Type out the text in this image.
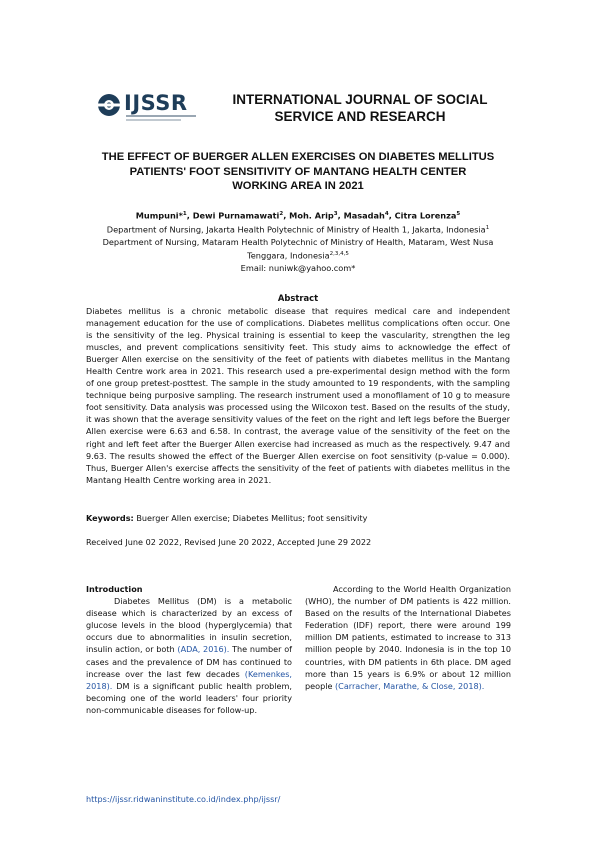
IJSSR	INTERNATIONAL JOURNAL OF SOCIAL
SERVICE AND RESEARCH
THE EFFECT OF BUERGER ALLEN EXERCISES ON DIABETES MELLITUS
PATIENTS' FOOT SENSITIVITY OF MANTANG HEALTH CENTER
WORKING AREA IN 2021
Mumpuni*$^1$, Dewi Purnamawati$^2$, Moh. Arip$^3$, Masadah$^4$, Citra Lorenza$^5$
Department of Nursing, Jakarta Health Polytechnic of Ministry of Health 1, Jakarta, Indonesia$^1$
Department of Nursing, Mataram Health Polytechnic of Ministry of Health, Mataram, West Nusa
Tenggara, Indonesia$^{2,3,4,5}$
Email: nuniwk@yahoo.com*
Abstract
Diabetes mellitus is a chronic metabolic disease that requires medical care and independent management education for the use of complications. Diabetes mellitus complications often occur. One is the sensitivity of the leg. Physical training is essential to keep the vascularity, strengthen the leg muscles, and prevent complications sensitivity feet. This study aims to acknowledge the effect of Buerger Allen exercise on the sensitivity of the feet of patients with diabetes mellitus in the Mantang Health Centre work area in 2021. This research used a pre-experimental design method with the form of one group pretest-posttest. The sample in the study amounted to 19 respondents, with the sampling technique being purposive sampling. The research instrument used a monofilament of 10 g to measure foot sensitivity. Data analysis was processed using the Wilcoxon test. Based on the results of the study, it was shown that the average sensitivity values of the feet on the right and left legs before the Buerger Allen exercise were 6.63 and 6.58. In contrast, the average value of the sensitivity of the feet on the right and left feet after the Buerger Allen exercise had increased as much as the respectively. 9.47 and 9.63. The results showed the effect of the Buerger Allen exercise on foot sensitivity (p-value = 0.000). Thus, Buerger Allen's exercise affects the sensitivity of the feet of patients with diabetes mellitus in the Mantang Health Centre working area in 2021.
Keywords: Buerger Allen exercise; Diabetes Mellitus; foot sensitivity
Received June 02 2022, Revised June 20 2022, Accepted June 29 2022
Introduction
Diabetes Mellitus (DM) is a metabolic disease which is characterized by an excess of glucose levels in the blood (hyperglycemia) that occurs due to abnormalities in insulin secretion, insulin action, or both (ADA, 2016). The number of cases and the prevalence of DM has continued to increase over the last few decades (Kemenkes, 2018). DM is a significant public health problem, becoming one of the world leaders' four priority non-communicable diseases for follow-up.
According to the World Health Organization (WHO), the number of DM patients is 422 million. Based on the results of the International Diabetes Federation (IDF) report, there were around 199 million DM patients, estimated to increase to 313 million people by 2040. Indonesia is in the top 10 countries, with DM patients in 6th place. DM aged more than 15 years is 6.9% or about 12 million people (Carracher, Marathe, & Close, 2018).
https://ijssr.ridwaninstitute.co.id/index.php/ijssr/
